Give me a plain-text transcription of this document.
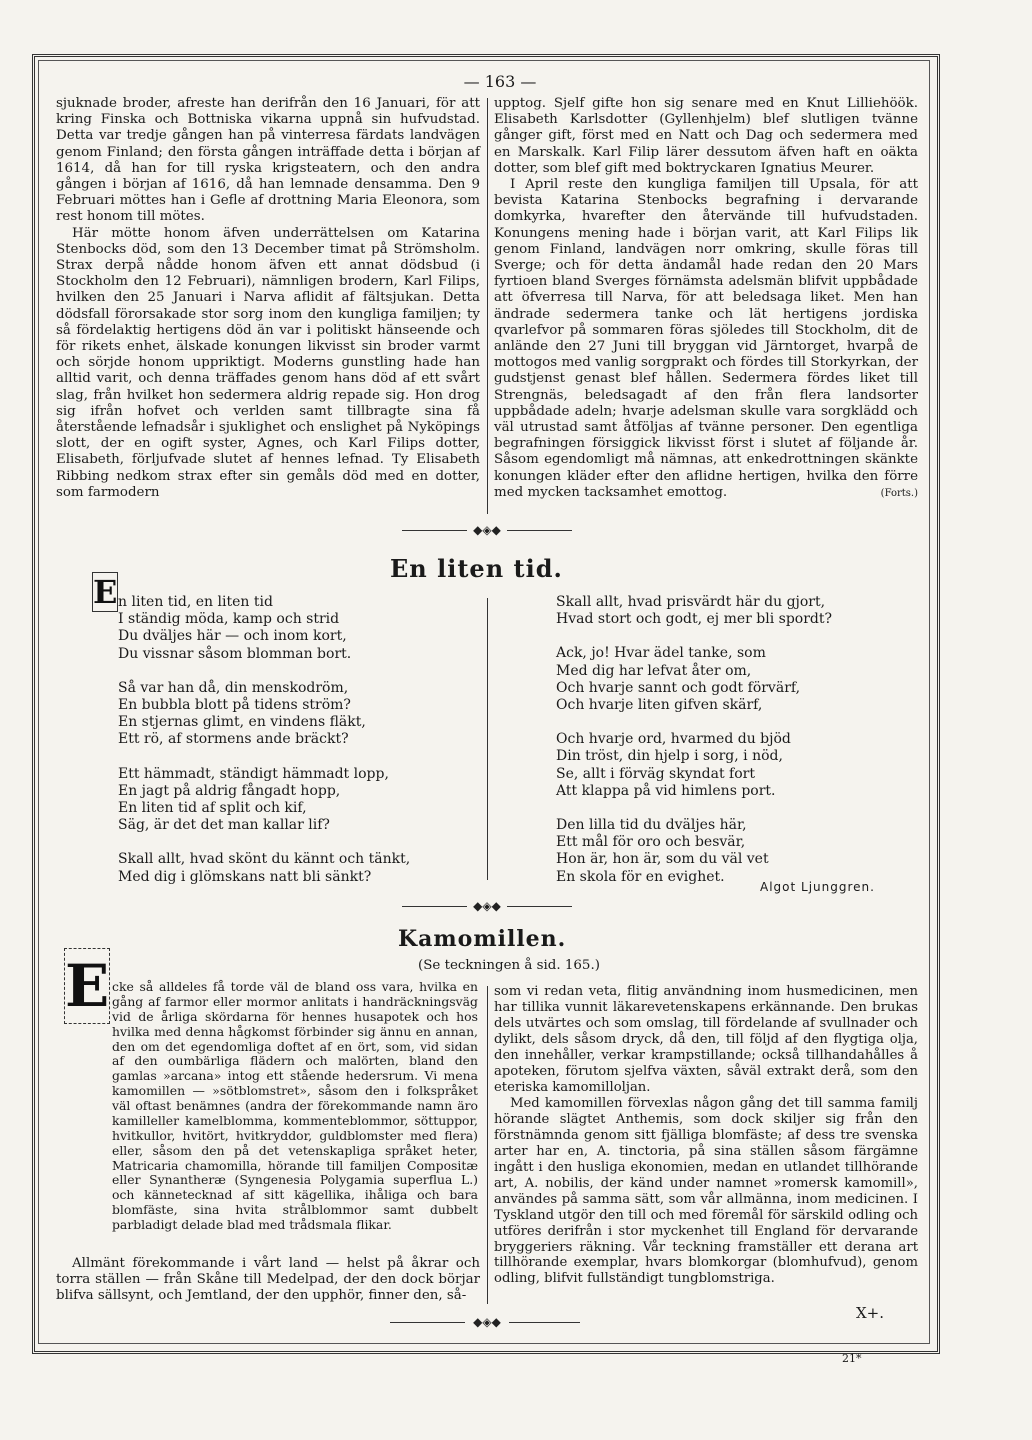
— 163 —

sjuknade broder, afreste han derifrån den 16 Januari, för att kring Finska och Bottniska vikarna uppnå sin hufvudstad. Detta var tredje gången han på vinterresa färdats landvägen genom Finland; den första gången inträffade detta i början af 1614, då han for till ryska krigsteatern, och den andra gången i början af 1616, då han lemnade densamma. Den 9 Februari möttes han i Gefle af drottning Maria Eleonora, som rest honom till mötes.

Här mötte honom äfven underrättelsen om Katarina Stenbocks död, som den 13 December timat på Strömsholm. Strax derpå nådde honom äfven ett annat dödsbud (i Stockholm den 12 Februari), nämnligen brodern, Karl Filips, hvilken den 25 Januari i Narva aflidit af fältsjukan. Detta dödsfall förorsakade stor sorg inom den kungliga familjen; ty så fördelaktig hertigens död än var i politiskt hänseende och för rikets enhet, älskade konungen likvisst sin broder varmt och sörjde honom uppriktigt. Moderns gunstling hade han alltid varit, och denna träffades genom hans död af ett svårt slag, från hvilket hon sedermera aldrig repade sig. Hon drog sig ifrån hofvet och verlden samt tillbragte sina få återstående lefnadsår i sjuklighet och enslighet på Nyköpings slott, der en ogift syster, Agnes, och Karl Filips dotter, Elisabeth, förljufvade slutet af hennes lefnad. Ty Elisabeth Ribbing nedkom strax efter sin gemåls död med en dotter, som farmodern

upptog. Sjelf gifte hon sig senare med en Knut Lilliehöök. Elisabeth Karlsdotter (Gyllenhjelm) blef slutligen tvänne gånger gift, först med en Natt och Dag och sedermera med en Marskalk. Karl Filip lärer dessutom äfven haft en oäkta dotter, som blef gift med boktryckaren Ignatius Meurer.

I April reste den kungliga familjen till Upsala, för att bevista Katarina Stenbocks begrafning i dervarande domkyrka, hvarefter den återvände till hufvudstaden. Konungens mening hade i början varit, att Karl Filips lik genom Finland, landvägen norr omkring, skulle föras till Sverge; och för detta ändamål hade redan den 20 Mars fyrtioen bland Sverges förnämsta adelsmän blifvit uppbådade att öfverresa till Narva, för att beledsaga liket. Men han ändrade sedermera tanke och lät hertigens jordiska qvarlefvor på sommaren föras sjöledes till Stockholm, dit de anlände den 27 Juni till bryggan vid Järntorget, hvarpå de mottogos med vanlig sorgprakt och fördes till Storkyrkan, der gudstjenst genast blef hållen. Sedermera fördes liket till Strengnäs, beledsagadt af den från flera landsorter uppbådade adeln; hvarje adelsman skulle vara sorgklädd och väl utrustad samt åtföljas af tvänne personer. Den egentliga begrafningen försiggick likvisst först i slutet af följande år. Såsom egendomligt må nämnas, att enkedrottningen skänkte konungen kläder efter den aflidne hertigen, hvilka den förre med mycken tacksamhet emottog.	(Forts.)
◆◈◆
En liten tid.
E n liten tid, en liten tid
I ständig möda, kamp och strid
Du dväljes här — och inom kort,
Du vissnar såsom blomman bort.
Så var han då, din menskodröm,
En bubbla blott på tidens ström?
En stjernas glimt, en vindens fläkt,
Ett rö, af stormens ande bräckt?
Ett hämmadt, ständigt hämmadt lopp,
En jagt på aldrig fångadt hopp,
En liten tid af split och kif,
Säg, är det det man kallar lif?
Skall allt, hvad skönt du kännt och tänkt,
Med dig i glömskans natt bli sänkt?
Skall allt, hvad prisvärdt här du gjort,
Hvad stort och godt, ej mer bli spordt?
Ack, jo! Hvar ädel tanke, som
Med dig har lefvat åter om,
Och hvarje sannt och godt förvärf,
Och hvarje liten gifven skärf,
Och hvarje ord, hvarmed du bjöd
Din tröst, din hjelp i sorg, i nöd,
Se, allt i förväg skyndat fort
Att klappa på vid himlens port.
Den lilla tid du dväljes här,
Ett mål för oro och besvär,
Hon är, hon är, som du väl vet
En skola för en evighet.
Algot Ljunggren.
◆◈◆
Kamomillen.
(Se teckningen å sid. 165.)
E cke så alldeles få torde väl de bland oss vara, hvilka en gång af farmor eller mormor anlitats i handräckningsväg vid de årliga skördarna för hennes husapotek och hos hvilka med denna hågkomst förbinder sig ännu en annan, den om det egendomliga doftet af en ört, som, vid sidan af den oumbärliga flädern och malörten, bland den gamlas »arcana» intog ett stående hedersrum. Vi mena kamomillen — »sötblomstret», såsom den i folkspråket väl oftast benämnes (andra der förekommande namn äro kamilleller kamelblomma, kommenteblommor, söttuppor, hvitkullor, hvitört, hvitkryddor, guldblomster med flera) eller, såsom den på det vetenskapliga språket heter, Matricaria chamomilla, hörande till familjen Compositæ eller Synantheræ (Syngenesia Polygamia superflua L.) och kännetecknad af sitt kägellika, ihåliga och bara blomfäste, sina hvita strålblommor samt dubbelt parbladigt delade blad med trådsmala flikar.

Allmänt förekommande i vårt land — helst på åkrar och torra ställen — från Skåne till Medelpad, der den dock börjar blifva sällsynt, och Jemtland, der den upphör, finner den, så-

som vi redan veta, flitig användning inom husmedicinen, men har tillika vunnit läkarevetenskapens erkännande. Den brukas dels utvärtes och som omslag, till fördelande af svullnader och dylikt, dels såsom dryck, då den, till följd af den flygtiga olja, den innehåller, verkar krampstillande; också tillhandahålles å apoteken, förutom sjelfva växten, såväl extrakt derå, som den eteriska kamomilloljan.

Med kamomillen förvexlas någon gång det till samma familj hörande slägtet Anthemis, som dock skiljer sig från den förstnämnda genom sitt fjälliga blomfäste; af dess tre svenska arter har en, A. tinctoria, på sina ställen såsom färgämne ingått i den husliga ekonomien, medan en utlandet tillhörande art, A. nobilis, der känd under namnet »romersk kamomill», användes på samma sätt, som vår allmänna, inom medicinen. I Tyskland utgör den till och med föremål för särskild odling och utföres derifrån i stor myckenhet till England för dervarande bryggeriers räkning. Vår teckning framställer ett derana art tillhörande exemplar, hvars blomkorgar (blomhufvud), genom odling, blifvit fullständigt tungblomstriga.

X+.
◆◈◆
21*
